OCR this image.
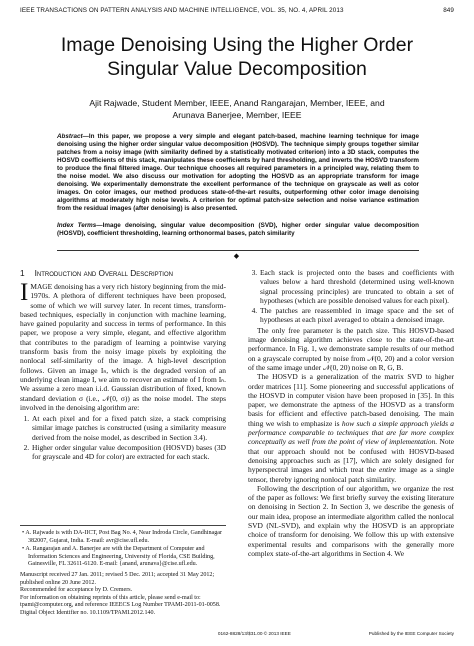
IEEE TRANSACTIONS ON PATTERN ANALYSIS AND MACHINE INTELLIGENCE, VOL. 35, NO. 4, APRIL 2013	849
Image Denoising Using the Higher Order
Singular Value Decomposition
Ajit Rajwade, Student Member, IEEE, Anand Rangarajan, Member, IEEE, and
Arunava Banerjee, Member, IEEE
Abstract—In this paper, we propose a very simple and elegant patch-based, machine learning technique for image denoising using the higher order singular value decomposition (HOSVD). The technique simply groups together similar patches from a noisy image (with similarity defined by a statistically motivated criterion) into a 3D stack, computes the HOSVD coefficients of this stack, manipulates these coefficients by hard thresholding, and inverts the HOSVD transform to produce the final filtered image. Our technique chooses all required parameters in a principled way, relating them to the noise model. We also discuss our motivation for adopting the HOSVD as an appropriate transform for image denoising. We experimentally demonstrate the excellent performance of the technique on grayscale as well as color images. On color images, our method produces state-of-the-art results, outperforming other color image denoising algorithms at moderately high noise levels. A criterion for optimal patch-size selection and noise variance estimation from the residual images (after denoising) is also presented.
Index Terms—Image denoising, singular value decomposition (SVD), higher order singular value decomposition (HOSVD), coefficient thresholding, learning orthonormal bases, patch similarity
◆
1 Introduction and Overall Description

IMAGE denoising has a very rich history beginning from the mid-1970s. A plethora of different techniques have been proposed, some of which we will survey later. In recent times, transform-based techniques, especially in conjunction with machine learning, have gained popularity and success in terms of performance. In this paper, we propose a very simple, elegant, and effective algorithm that contributes to the paradigm of learning a pointwise varying transform basis from the noisy image pixels by exploiting the nonlocal self-similarity of the image. A high-level description follows. Given an image Iₙ, which is the degraded version of an underlying clean image I, we aim to recover an estimate of I from Iₙ. We assume a zero mean i.i.d. Gaussian distribution of fixed, known standard deviation σ (i.e., 𝒩(0, σ)) as the noise model. The steps involved in the denoising algorithm are:

1. At each pixel and for a fixed patch size, a stack comprising similar image patches is constructed (using a similarity measure derived from the noise model, as described in Section 3.4).
2. Higher order singular value decomposition (HOSVD) bases (3D for grayscale and 4D for color) are extracted for each stack.
• A. Rajwade is with DA-IICT, Post Bag No. 4, Near Indroda Circle, Gandhinagar 382007, Gujarat, India. E-mail: avr@cise.ufl.edu.
• A. Rangarajan and A. Banerjee are with the Department of Computer and Information Sciences and Engineering, University of Florida, CSE Building, Gainesville, FL 32611-6120. E-mail: {anand, arunava}@cise.ufl.edu.
Manuscript received 27 Jan. 2011; revised 5 Dec. 2011; accepted 31 May 2012; published online 20 June 2012.
Recommended for acceptance by D. Cremers.
For information on obtaining reprints of this article, please send e-mail to: tpami@computer.org, and reference IEEECS Log Number TPAMI-2011-01-0058.
Digital Object Identifier no. 10.1109/TPAMI.2012.140.
3. Each stack is projected onto the bases and coefficients with values below a hard threshold (determined using well-known signal processing principles) are truncated to obtain a set of hypotheses (which are possible denoised values for each pixel).
4. The patches are reassembled in image space and the set of hypotheses at each pixel averaged to obtain a denoised image.

The only free parameter is the patch size. This HOSVD-based image denoising algorithm achieves close to the state-of-the-art performance. In Fig. 1, we demonstrate sample results of our method on a grayscale corrupted by noise from 𝒩(0, 20) and a color version of the same image under 𝒩(0, 20) noise on R, G, B.

The HOSVD is a generalization of the matrix SVD to higher order matrices [11]. Some pioneering and successful applications of the HOSVD in computer vision have been proposed in [35]. In this paper, we demonstrate the aptness of the HOSVD as a transform basis for efficient and effective patch-based denoising. The main thing we wish to emphasize is how such a simple approach yields a performance comparable to techniques that are far more complex conceptually as well from the point of view of implementation. Note that our approach should not be confused with HOSVD-based denoising approaches such as [17], which are solely designed for hyperspectral images and which treat the entire image as a single tensor, thereby ignoring nonlocal patch similarity.

Following the description of our algorithm, we organize the rest of the paper as follows: We first briefly survey the existing literature on denoising in Section 2. In Section 3, we describe the genesis of our main idea, propose an intermediate algorithm called the nonlocal SVD (NL-SVD), and explain why the HOSVD is an appropriate choice of transform for denoising. We follow this up with extensive experimental results and comparisons with the generally more complex state-of-the-art algorithms in Section 4. We

0162-8828/13/$31.00 © 2013 IEEE	Published by the IEEE Computer Society
